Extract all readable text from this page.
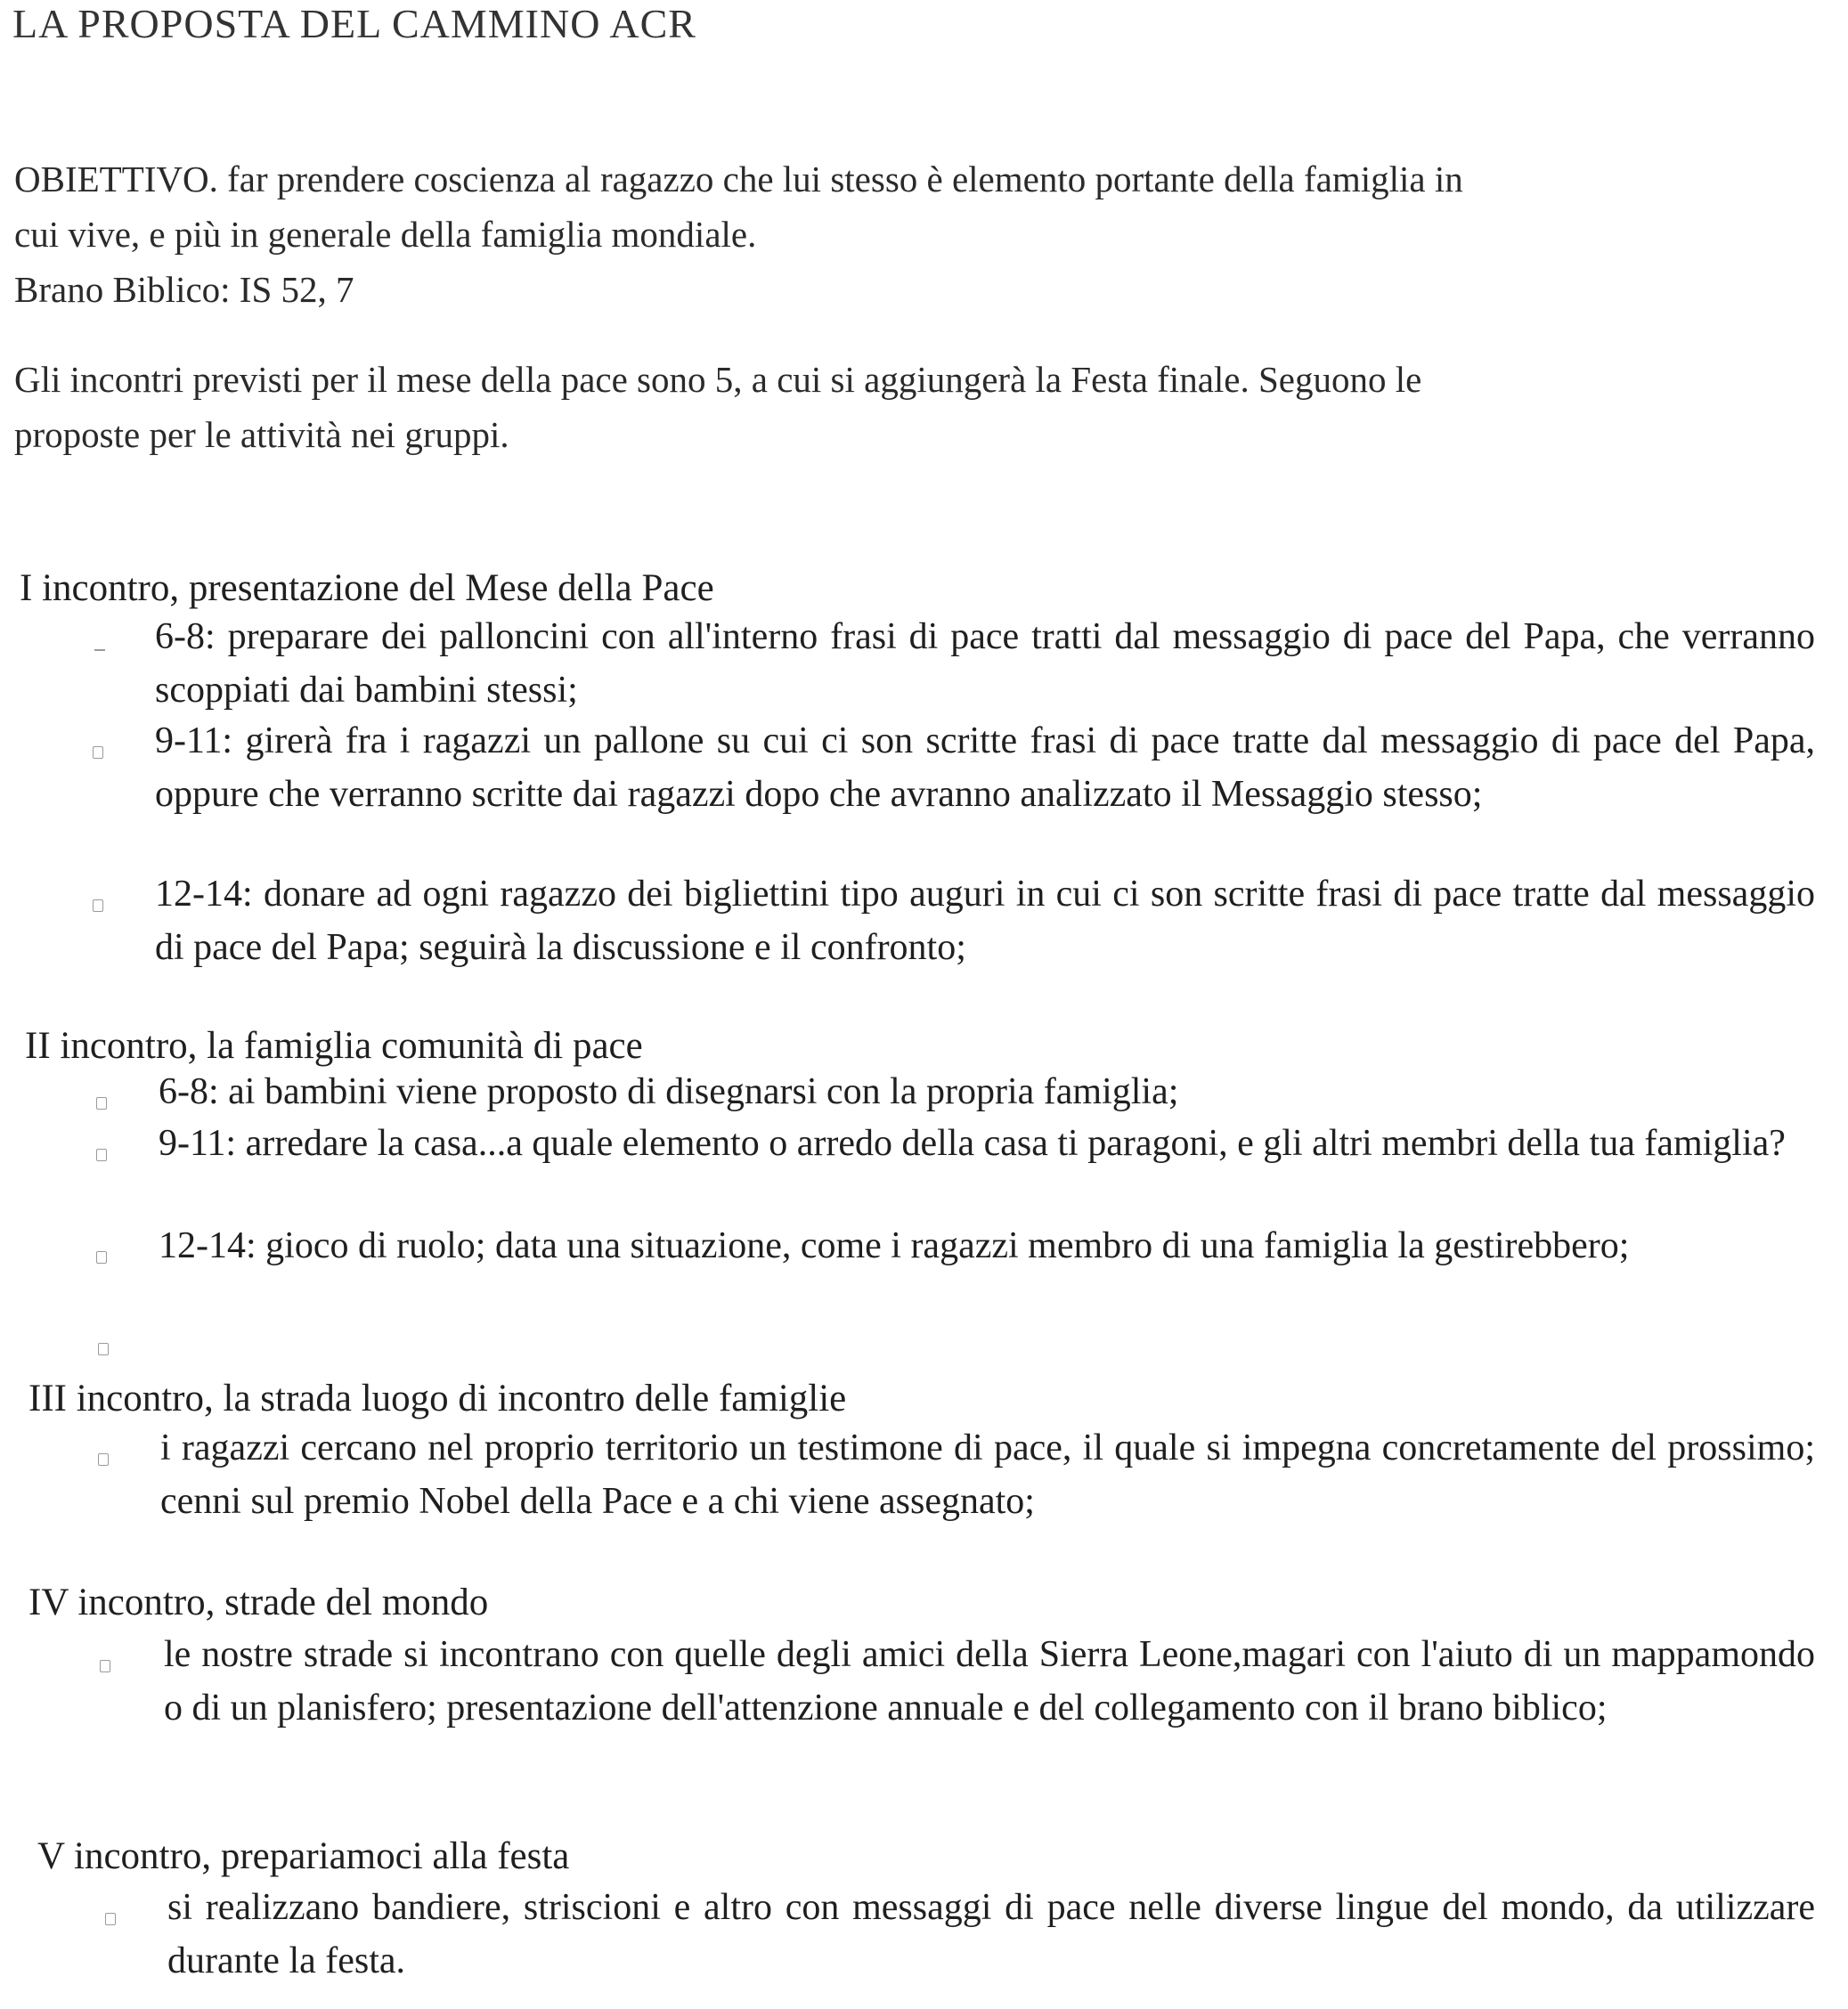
LA PROPOSTA DEL CAMMINO ACR
OBIETTIVO. far prendere coscienza al ragazzo che lui stesso è elemento portante della famiglia in
cui vive, e più in generale della famiglia mondiale.
Brano Biblico: IS 52, 7
Gli incontri previsti per il mese della pace sono 5, a cui si aggiungerà la Festa finale. Seguono le
proposte per le attività nei gruppi.
I incontro, presentazione del Mese della Pace
6-8: preparare dei palloncini con all'interno frasi di pace tratti dal messaggio di pace del Papa, che verranno scoppiati dai bambini stessi;
9-11: girerà fra i ragazzi un pallone su cui ci son scritte frasi di pace tratte dal messaggio di pace del Papa, oppure che verranno scritte dai ragazzi dopo che avranno analizzato il Messaggio stesso;
12-14: donare ad ogni ragazzo dei bigliettini tipo auguri in cui ci son scritte frasi di pace tratte dal messaggio di pace del Papa; seguirà la discussione e il confronto;
II incontro, la famiglia comunità di pace
6-8: ai bambini viene proposto di disegnarsi con la propria famiglia;
9-11: arredare la casa...a quale elemento o arredo della casa ti paragoni, e gli altri membri della tua famiglia?
12-14: gioco di ruolo; data una situazione, come i ragazzi membro di una famiglia la gestirebbero;
III incontro, la strada luogo di incontro delle famiglie
i ragazzi cercano nel proprio territorio un testimone di pace, il quale si impegna concretamente del prossimo; cenni sul premio Nobel della Pace e a chi viene assegnato;
IV incontro, strade del mondo
le nostre strade si incontrano con quelle degli amici della Sierra Leone,magari con l'aiuto di un mappamondo o di un planisfero; presentazione dell'attenzione annuale e del collegamento con il brano biblico;
V incontro, prepariamoci alla festa
si realizzano bandiere, striscioni e altro con messaggi di pace nelle diverse lingue del mondo, da utilizzare durante la festa.
